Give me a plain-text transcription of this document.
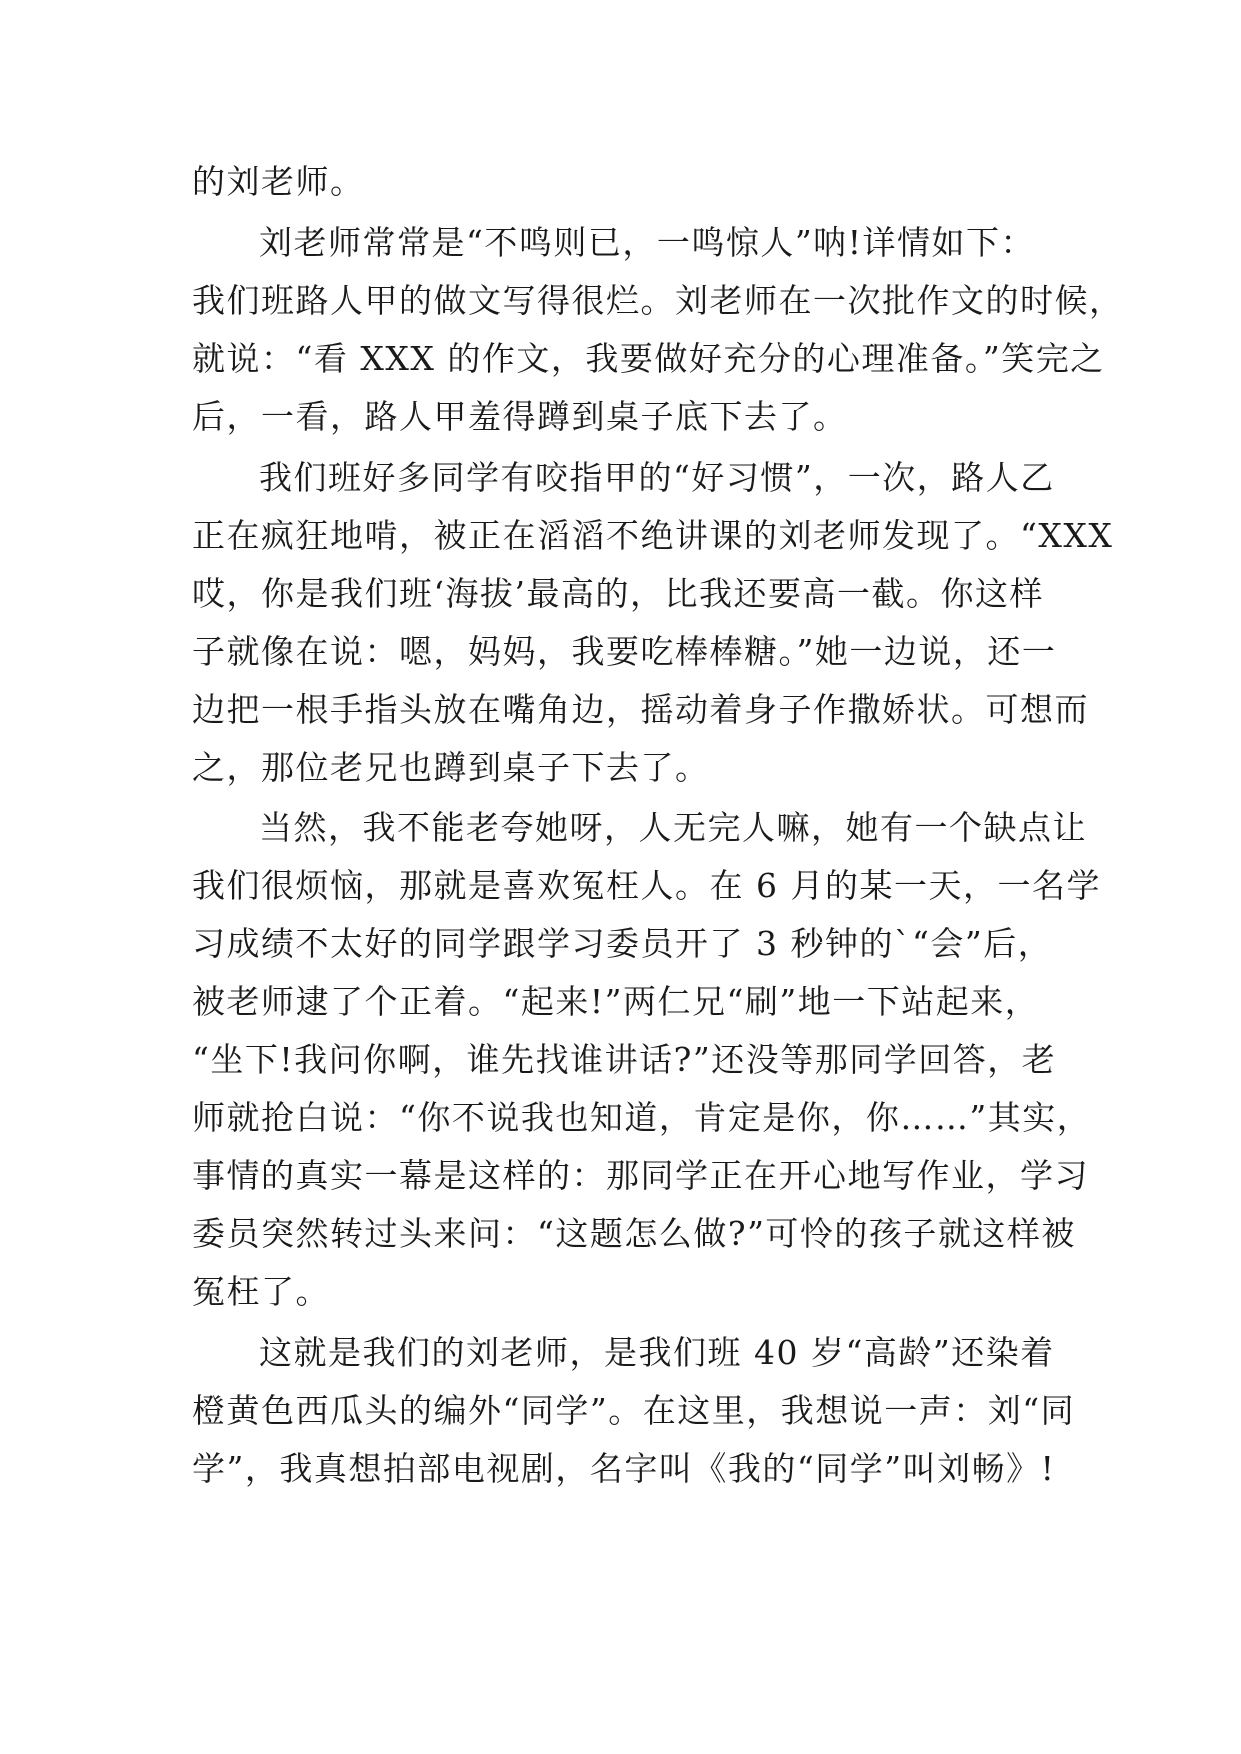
的刘老师。
刘老师常常是“不鸣则已，一鸣惊人”呐!详情如下：
我们班路人甲的做文写得很烂。刘老师在一次批作文的时候，
就说：“看 XXX 的作文，我要做好充分的心理准备。”笑完之
后，一看，路人甲羞得蹲到桌子底下去了。
我们班好多同学有咬指甲的“好习惯”，一次，路人乙
正在疯狂地啃，被正在滔滔不绝讲课的刘老师发现了。“XXX
哎，你是我们班‘海拔’最高的，比我还要高一截。你这样
子就像在说：嗯，妈妈，我要吃棒棒糖。”她一边说，还一
边把一根手指头放在嘴角边，摇动着身子作撒娇状。可想而
之，那位老兄也蹲到桌子下去了。
当然，我不能老夸她呀，人无完人嘛，她有一个缺点让
我们很烦恼，那就是喜欢冤枉人。在 6 月的某一天，一名学
习成绩不太好的同学跟学习委员开了 3 秒钟的`“会”后，
被老师逮了个正着。“起来!”两仁兄“刷”地一下站起来，
“坐下!我问你啊，谁先找谁讲话?”还没等那同学回答，老
师就抢白说：“你不说我也知道，肯定是你，你……”其实，
事情的真实一幕是这样的：那同学正在开心地写作业，学习
委员突然转过头来问：“这题怎么做?”可怜的孩子就这样被
冤枉了。
这就是我们的刘老师，是我们班 40 岁“高龄”还染着
橙黄色西瓜头的编外“同学”。在这里，我想说一声：刘“同
学”，我真想拍部电视剧，名字叫《我的“同学”叫刘畅》!
